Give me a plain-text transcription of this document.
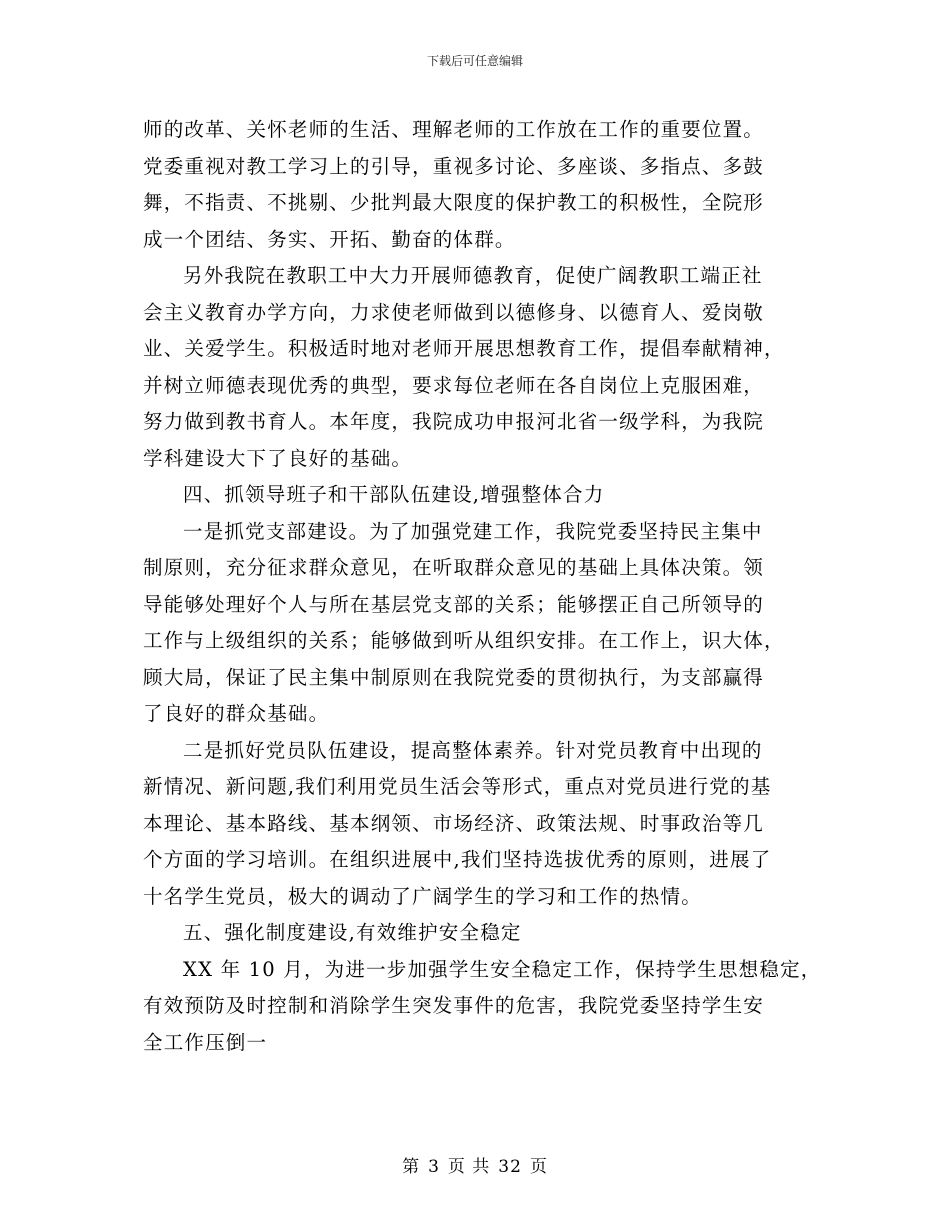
下载后可任意编辑
师的改革、关怀老师的生活、理解老师的工作放在工作的重要位置。
党委重视对教工学习上的引导，重视多讨论、多座谈、多指点、多鼓
舞，不指责、不挑剔、少批判最大限度的保护教工的积极性，全院形
成一个团结、务实、开拓、勤奋的体群。
另外我院在教职工中大力开展师德教育，促使广阔教职工端正社
会主义教育办学方向，力求使老师做到以德修身、以德育人、爱岗敬
业、关爱学生。积极适时地对老师开展思想教育工作，提倡奉献精神，
并树立师德表现优秀的典型，要求每位老师在各自岗位上克服困难，
努力做到教书育人。本年度，我院成功申报河北省一级学科，为我院
学科建设大下了良好的基础。
四、抓领导班子和干部队伍建设,增强整体合力
一是抓党支部建设。为了加强党建工作，我院党委坚持民主集中
制原则，充分征求群众意见，在听取群众意见的基础上具体决策。领
导能够处理好个人与所在基层党支部的关系；能够摆正自己所领导的
工作与上级组织的关系；能够做到听从组织安排。在工作上，识大体，
顾大局，保证了民主集中制原则在我院党委的贯彻执行，为支部赢得
了良好的群众基础。
二是抓好党员队伍建设，提高整体素养。针对党员教育中出现的
新情况、新问题,我们利用党员生活会等形式，重点对党员进行党的基
本理论、基本路线、基本纲领、市场经济、政策法规、时事政治等几
个方面的学习培训。在组织进展中,我们坚持选拔优秀的原则，进展了
十名学生党员，极大的调动了广阔学生的学习和工作的热情。
五、强化制度建设,有效维护安全稳定
XX 年 10 月，为进一步加强学生安全稳定工作，保持学生思想稳定，
有效预防及时控制和消除学生突发事件的危害，我院党委坚持学生安
全工作压倒一
第 3 页 共 32 页
